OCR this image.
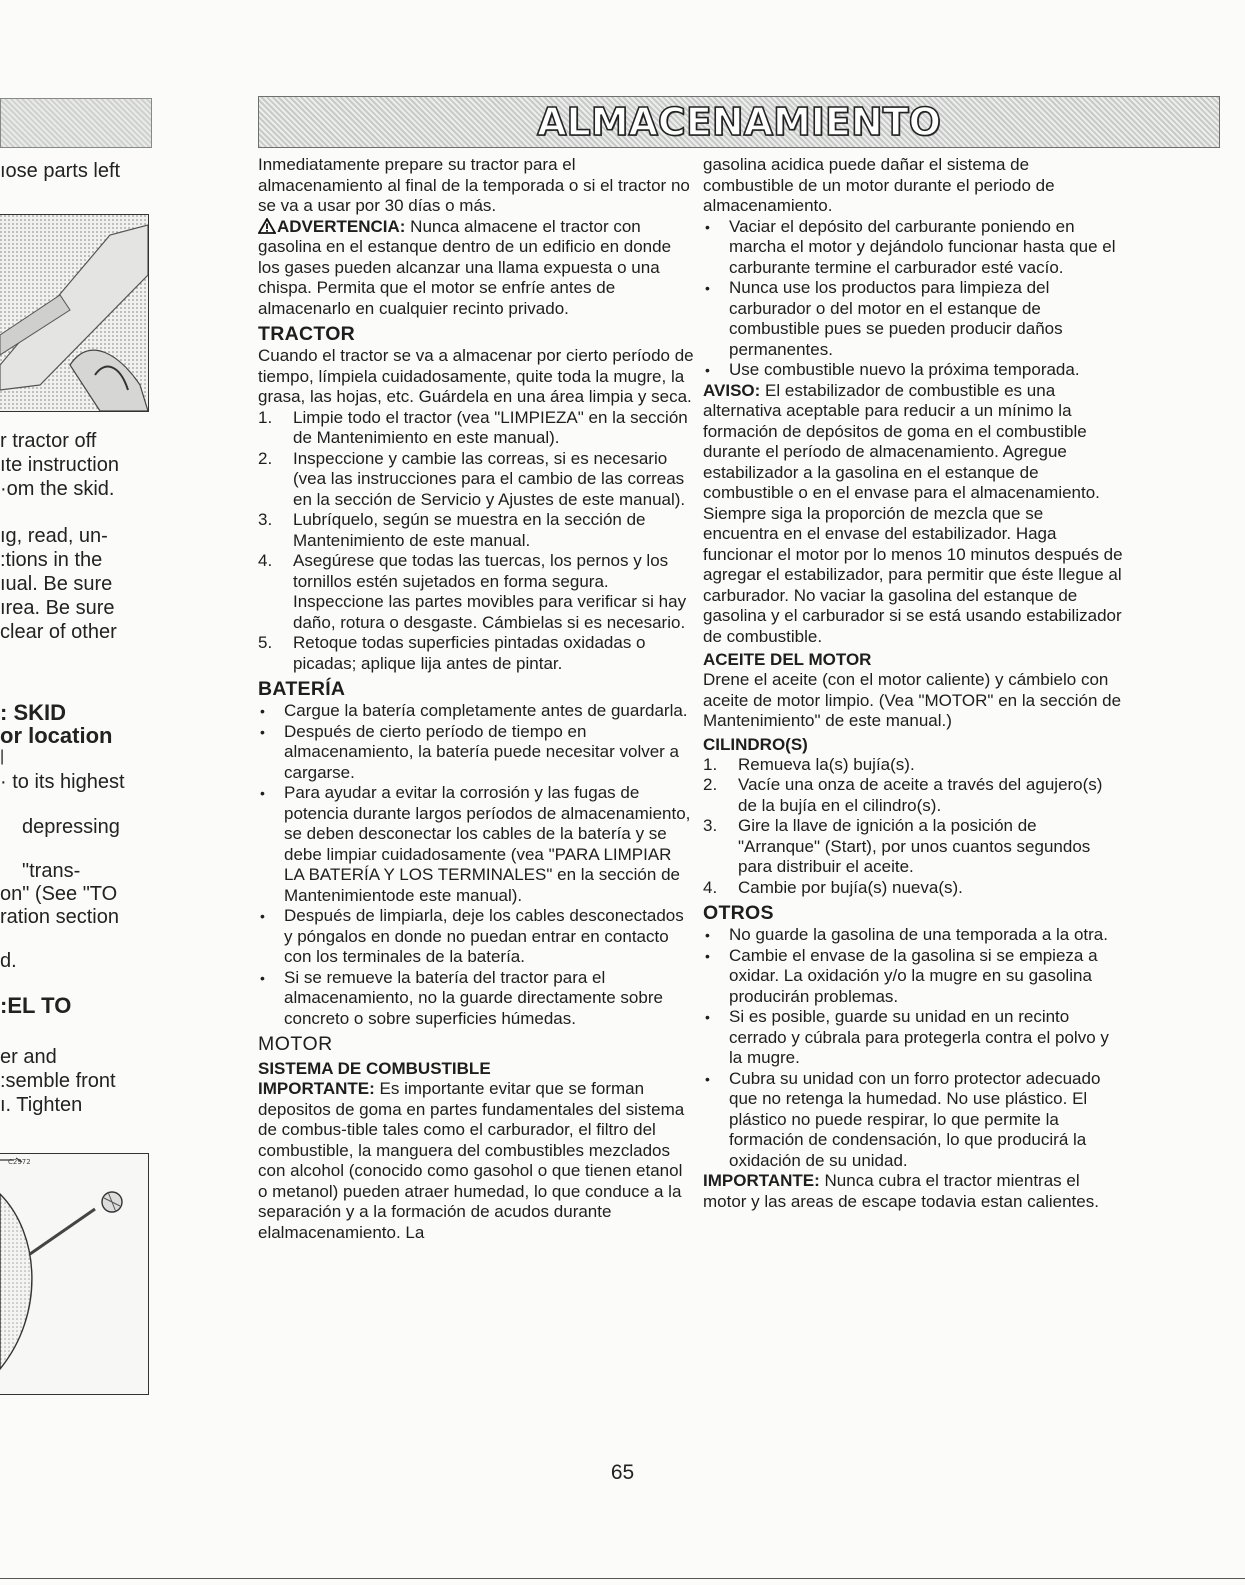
ıose parts left
r tractor off
ıte instruction
·om the skid.
ıg, read, un-
:tions in the
ıual. Be sure
ırea. Be sure
clear of other
: SKID
or location
|
· to its highest
depressing
"trans-
on" (See "TO
ration section
d.
:EL TO
er and
:semble front
ı. Tighten
C2972
ALMACENAMIENTO

Inmediatamente prepare su tractor para el almacenamiento al final de la temporada o si el tractor no se va a usar por 30 días o más.

ADVERTENCIA: Nunca almacene el tractor con gasolina en el estanque dentro de un edificio en donde los gases pueden alcanzar una llama expuesta o una chispa. Permita que el motor se enfríe antes de almacenarlo en cualquier recinto privado.

TRACTOR

Cuando el tractor se va a almacenar por cierto período de tiempo, límpiela cuidadosamente, quite toda la mugre, la grasa, las hojas, etc. Guárdela en una área limpia y seca.

1. Limpie todo el tractor (vea "LIMPIEZA" en la sección de Mantenimiento en este manual).
2. Inspeccione y cambie las correas, si es necesario (vea las instrucciones para el cambio de las correas en la sección de Servicio y Ajustes de este manual).
3. Lubríquelo, según se muestra en la sección de Mantenimiento de este manual.
4. Asegúrese que todas las tuercas, los pernos y los tornillos estén sujetados en forma segura. Inspeccione las partes movibles para verificar si hay daño, rotura o desgaste. Cámbielas si es necesario.
5. Retoque todas superficies pintadas oxidadas o picadas; aplique lija antes de pintar.
BATERÍA
• Cargue la batería completamente antes de guardarla.
• Después de cierto período de tiempo en almacenamiento, la batería puede necesitar volver a cargarse.
• Para ayudar a evitar la corrosión y las fugas de potencia durante largos períodos de almacenamiento, se deben desconectar los cables de la batería y se debe limpiar cuidadosamente (vea "PARA LIMPIAR LA BATERÍA Y LOS TERMINALES" en la sección de Mantenimientode este manual).
• Después de limpiarla, deje los cables desconectados y póngalos en donde no puedan entrar en contacto con los terminales de la batería.
• Si se remueve la batería del tractor para el almacenamiento, no la guarde directamente sobre concreto o sobre superficies húmedas.
MOTOR
SISTEMA DE COMBUSTIBLE

IMPORTANTE: Es importante evitar que se forman depositos de goma en partes fundamentales del sistema de combus-tible tales como el carburador, el filtro del combustible, la manguera del combustibles mezclados con alcohol (conocido como gasohol o que tienen etanol o metanol) pueden atraer humedad, lo que conduce a la separación y a la formación de acudos durante elalmacenamiento. La

gasolina acidica puede dañar el sistema de combustible de un motor durante el periodo de almacenamiento.

• Vaciar el depósito del carburante poniendo en marcha el motor y dejándolo funcionar hasta que el carburante termine el carburador esté vacío.
• Nunca use los productos para limpieza del carburador o del motor en el estanque de combustible pues se pueden producir daños permanentes.
• Use combustible nuevo la próxima temporada.

AVISO: El estabilizador de combustible es una alternativa aceptable para reducir a un mínimo la formación de depósitos de goma en el combustible durante el período de almacenamiento. Agregue estabilizador a la gasolina en el estanque de combustible o en el envase para el almacenamiento. Siempre siga la proporción de mezcla que se encuentra en el envase del estabilizador. Haga funcionar el motor por lo menos 10 minutos después de agregar el estabilizador, para permitir que éste llegue al carburador. No vaciar la gasolina del estanque de gasolina y el carburador si se está usando estabilizador de combustible.

ACEITE DEL MOTOR

Drene el aceite (con el motor caliente) y cámbielo con aceite de motor limpio. (Vea "MOTOR" en la sección de Mantenimiento" de este manual.)

CILINDRO(S)
1. Remueva la(s) bujía(s).
2. Vacíe una onza de aceite a través del agujero(s) de la bujía en el cilindro(s).
3. Gire la llave de ignición a la posición de "Arranque" (Start), por unos cuantos segundos para distribuir el aceite.
4. Cambie por bujía(s) nueva(s).
OTROS
• No guarde la gasolina de una temporada a la otra.
• Cambie el envase de la gasolina si se empieza a oxidar. La oxidación y/o la mugre en su gasolina producirán problemas.
• Si es posible, guarde su unidad en un recinto cerrado y cúbrala para protegerla contra el polvo y la mugre.
• Cubra su unidad con un forro protector adecuado que no retenga la humedad. No use plástico. El plástico no puede respirar, lo que permite la formación de condensación, lo que producirá la oxidación de su unidad.

IMPORTANTE: Nunca cubra el tractor mientras el motor y las areas de escape todavia estan calientes.

65
